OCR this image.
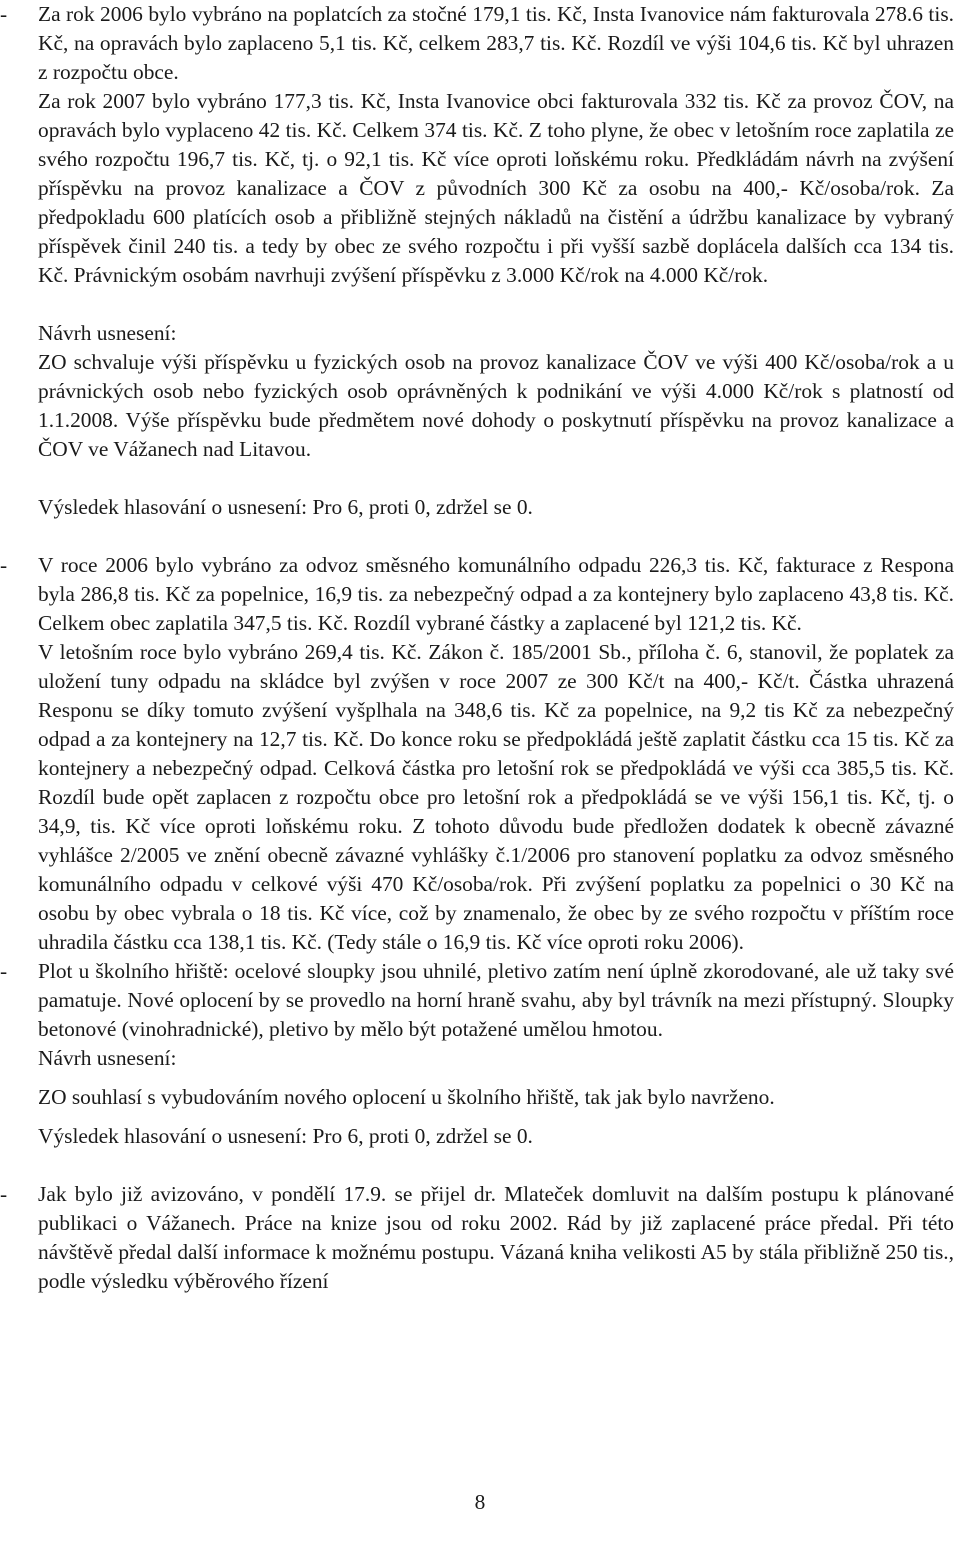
-	Za rok 2006 bylo vybráno na poplatcích za stočné 179,1 tis. Kč, Insta Ivanovice nám fakturovala 278.6 tis. Kč, na opravách bylo zaplaceno 5,1 tis. Kč, celkem 283,7 tis. Kč. Rozdíl ve výši 104,6 tis. Kč byl uhrazen z rozpočtu obce.

Za rok 2007 bylo vybráno 177,3 tis. Kč, Insta Ivanovice obci fakturovala 332 tis. Kč za provoz ČOV, na opravách bylo vyplaceno 42 tis. Kč. Celkem 374 tis. Kč. Z toho plyne, že obec v letošním roce zaplatila ze svého rozpočtu 196,7 tis. Kč, tj. o 92,1 tis. Kč více oproti loňskému roku. Předkládám návrh na zvýšení příspěvku na provoz kanalizace a ČOV z původních 300 Kč za osobu na 400,- Kč/osoba/rok. Za předpokladu 600 platících osob a přibližně stejných nákladů na čistění a údržbu kanalizace by vybraný příspěvek činil 240 tis. a tedy by obec ze svého rozpočtu i při vyšší sazbě doplácela dalších cca 134 tis. Kč. Právnickým osobám navrhuji zvýšení příspěvku z 3.000 Kč/rok na 4.000 Kč/rok.

Návrh usnesení:

ZO schvaluje výši příspěvku u fyzických osob na provoz kanalizace ČOV ve výši 400 Kč/osoba/rok a u právnických osob nebo fyzických osob oprávněných k podnikání ve výši 4.000 Kč/rok s platností od 1.1.2008. Výše příspěvku bude předmětem nové dohody o poskytnutí příspěvku na provoz kanalizace a ČOV ve Vážanech nad Litavou.

Výsledek hlasování o usnesení: Pro 6, proti 0, zdržel se 0.

-	V roce 2006 bylo vybráno za odvoz směsného komunálního odpadu 226,3 tis. Kč, fakturace z Respona byla 286,8 tis. Kč za popelnice, 16,9 tis. za nebezpečný odpad a za kontejnery bylo zaplaceno 43,8 tis. Kč. Celkem obec zaplatila 347,5 tis. Kč. Rozdíl vybrané částky a zaplacené byl 121,2 tis. Kč.

V letošním roce bylo vybráno 269,4 tis. Kč. Zákon č. 185/2001 Sb., příloha č. 6, stanovil, že poplatek za uložení tuny odpadu na skládce byl zvýšen v roce 2007 ze 300 Kč/t na 400,- Kč/t. Částka uhrazená Responu se díky tomuto zvýšení vyšplhala na 348,6 tis. Kč za popelnice, na 9,2 tis Kč za nebezpečný odpad a za kontejnery na 12,7 tis. Kč. Do konce roku se předpokládá ještě zaplatit částku cca 15 tis. Kč za kontejnery a nebezpečný odpad. Celková částka pro letošní rok se předpokládá ve výši cca 385,5 tis. Kč. Rozdíl bude opět zaplacen z rozpočtu obce pro letošní rok a předpokládá se ve výši 156,1 tis. Kč, tj. o 34,9, tis. Kč více oproti loňskému roku. Z tohoto důvodu bude předložen dodatek k obecně závazné vyhlášce 2/2005 ve znění obecně závazné vyhlášky č.1/2006 pro stanovení poplatku za odvoz směsného komunálního odpadu v celkové výši 470 Kč/osoba/rok. Při zvýšení poplatku za popelnici o 30 Kč na osobu by obec vybrala o 18 tis. Kč více, což by znamenalo, že obec by ze svého rozpočtu v příštím roce uhradila částku cca 138,1 tis. Kč. (Tedy stále o 16,9 tis. Kč více oproti roku 2006).

-	Plot u školního hřiště: ocelové sloupky jsou uhnilé, pletivo zatím není úplně zkorodované, ale už taky své pamatuje. Nové oplocení by se provedlo na horní hraně svahu, aby byl trávník na mezi přístupný. Sloupky betonové (vinohradnické), pletivo by mělo být potažené umělou hmotou.

Návrh usnesení:

ZO souhlasí s vybudováním nového oplocení u školního hřiště, tak jak bylo navrženo.

Výsledek hlasování o usnesení: Pro 6, proti 0, zdržel se 0.

-	Jak bylo již avizováno, v pondělí 17.9. se přijel dr. Mlateček domluvit na dalším postupu k plánované publikaci o Vážanech. Práce na knize jsou od roku 2002. Rád by již zaplacené práce předal. Při této návštěvě předal další informace k možnému postupu. Vázaná kniha velikosti A5 by stála přibližně 250 tis., podle výsledku výběrového řízení

8
